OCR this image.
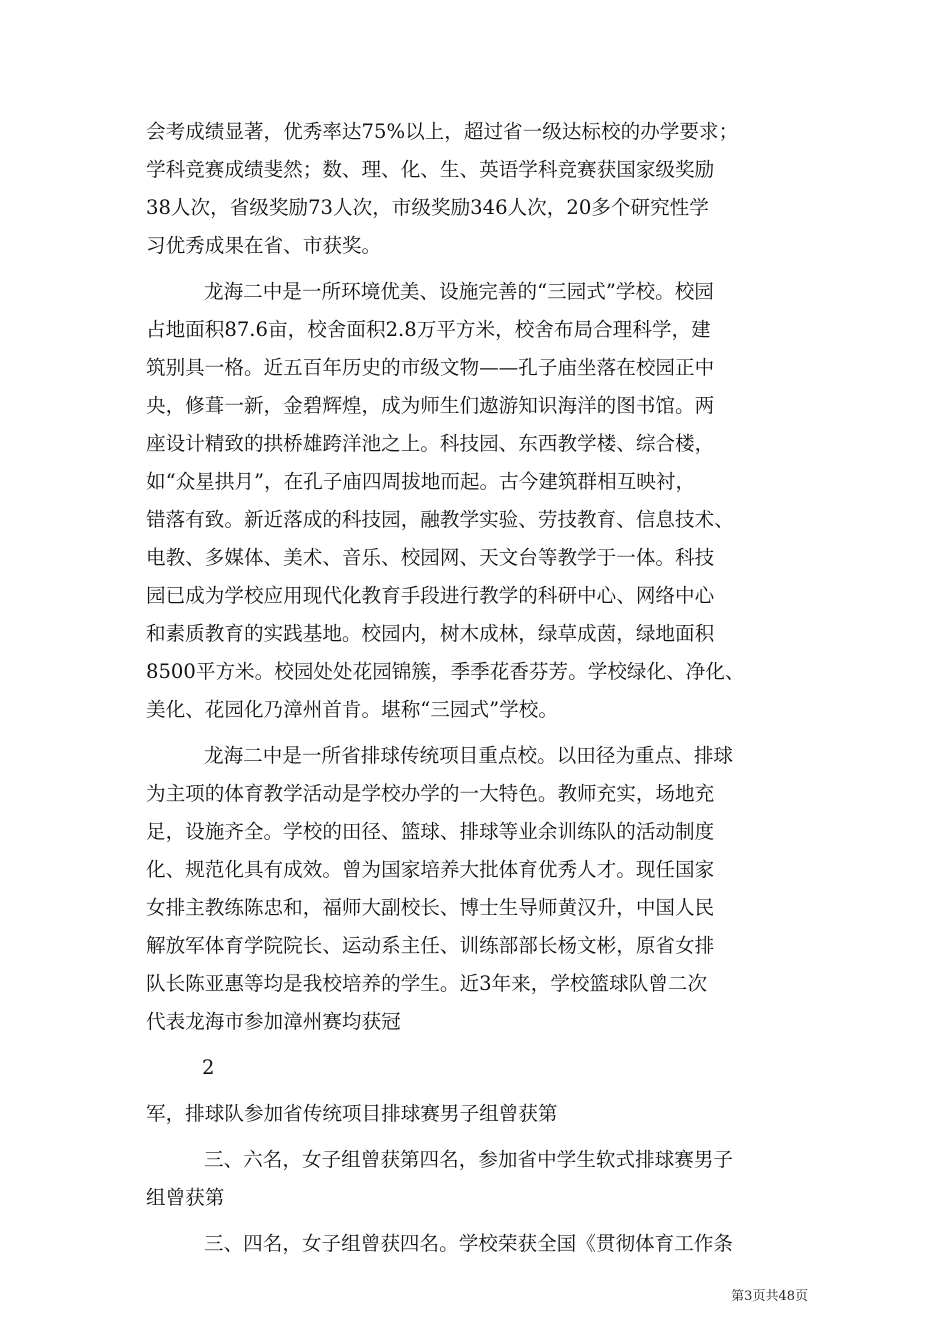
会考成绩显著，优秀率达75%以上，超过省一级达标校的办学要求；

学科竞赛成绩斐然；数、理、化、生、英语学科竞赛获国家级奖励

38人次，省级奖励73人次，市级奖励346人次，20多个研究性学

习优秀成果在省、市获奖。

龙海二中是一所环境优美、设施完善的“三园式”学校。校园

占地面积87.6亩，校舍面积2.8万平方米，校舍布局合理科学，建

筑别具一格。近五百年历史的市级文物——孔子庙坐落在校园正中

央，修葺一新，金碧辉煌，成为师生们遨游知识海洋的图书馆。两

座设计精致的拱桥雄跨洋池之上。科技园、东西教学楼、综合楼，

如“众星拱月”，在孔子庙四周拔地而起。古今建筑群相互映衬，

错落有致。新近落成的科技园，融教学实验、劳技教育、信息技术、

电教、多媒体、美术、音乐、校园网、天文台等教学于一体。科技

园已成为学校应用现代化教育手段进行教学的科研中心、网络中心

和素质教育的实践基地。校园内，树木成林，绿草成茵，绿地面积

8500平方米。校园处处花园锦簇，季季花香芬芳。学校绿化、净化、

美化、花园化乃漳州首肯。堪称“三园式”学校。

龙海二中是一所省排球传统项目重点校。以田径为重点、排球

为主项的体育教学活动是学校办学的一大特色。教师充实，场地充

足，设施齐全。学校的田径、篮球、排球等业余训练队的活动制度

化、规范化具有成效。曾为国家培养大批体育优秀人才。现任国家

女排主教练陈忠和，福师大副校长、博士生导师黄汉升，中国人民

解放军体育学院院长、运动系主任、训练部部长杨文彬，原省女排

队长陈亚惠等均是我校培养的学生。近3年来，学校篮球队曾二次

代表龙海市参加漳州赛均获冠

2

军，排球队参加省传统项目排球赛男子组曾获第

三、六名，女子组曾获第四名，参加省中学生软式排球赛男子

组曾获第

三、四名，女子组曾获四名。学校荣获全国《贯彻体育工作条

第3页共48页
